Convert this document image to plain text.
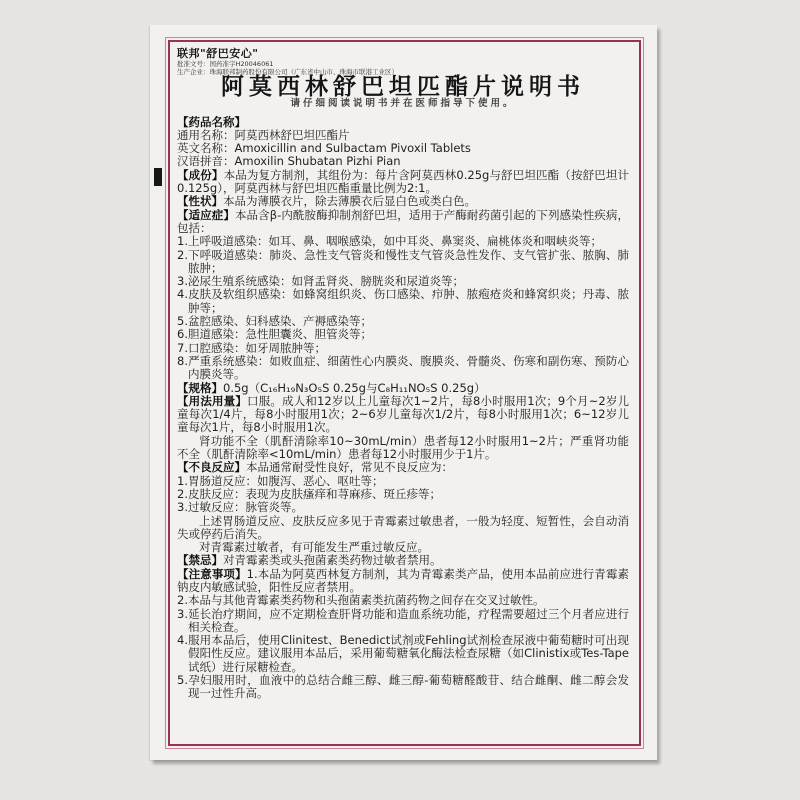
联邦"舒巴安心"
批准文号：国药准字H20046061
生产企业：珠海联邦制药股份有限公司（广东省中山市、珠海市联港工业区）
阿莫西林舒巴坦匹酯片说明书
请仔细阅读说明书并在医师指导下使用。
【药品名称】
通用名称：阿莫西林舒巴坦匹酯片
英文名称：Amoxicillin and Sulbactam Pivoxil Tablets
汉语拼音：Amoxilin Shubatan Pizhi Pian
【成份】本品为复方制剂，其组份为：每片含阿莫西林0.25g与舒巴坦匹酯（按舒巴坦计0.125g），阿莫西林与舒巴坦匹酯重量比例为2:1。
【性状】本品为薄膜衣片，除去薄膜衣后显白色或类白色。
【适应症】本品含β-内酰胺酶抑制剂舒巴坦，适用于产酶耐药菌引起的下列感染性疾病，包括：
1.上呼吸道感染：如耳、鼻、咽喉感染，如中耳炎、鼻窦炎、扁桃体炎和咽峡炎等；
2.下呼吸道感染：肺炎、急性支气管炎和慢性支气管炎急性发作、支气管扩张、脓胸、肺脓肿；
3.泌尿生殖系统感染：如肾盂肾炎、膀胱炎和尿道炎等；
4.皮肤及软组织感染：如蜂窝组织炎、伤口感染、疖肿、脓疱疮炎和蜂窝织炎；丹毒、脓肿等；
5.盆腔感染、妇科感染、产褥感染等；
6.胆道感染：急性胆囊炎、胆管炎等；
7.口腔感染：如牙周脓肿等；
8.严重系统感染：如败血症、细菌性心内膜炎、腹膜炎、骨髓炎、伤寒和副伤寒、预防心内膜炎等。
【规格】0.5g（C₁₆H₁₉N₃O₅S 0.25g与C₈H₁₁NO₅S 0.25g）
【用法用量】口服。成人和12岁以上儿童每次1~2片，每8小时服用1次；9个月~2岁儿童每次1/4片，每8小时服用1次；2~6岁儿童每次1/2片，每8小时服用1次；6~12岁儿童每次1片，每8小时服用1次。
肾功能不全（肌酐清除率10~30mL/min）患者每12小时服用1~2片；严重肾功能不全（肌酐清除率<10mL/min）患者每12小时服用少于1片。
【不良反应】本品通常耐受性良好，常见不良反应为：
1.胃肠道反应：如腹泻、恶心、呕吐等；
2.皮肤反应：表现为皮肤瘙痒和荨麻疹、斑丘疹等；
3.过敏反应：脉管炎等。
上述胃肠道反应、皮肤反应多见于青霉素过敏患者，一般为轻度、短暂性，会自动消失或停药后消失。
对青霉素过敏者，有可能发生严重过敏反应。
【禁忌】对青霉素类或头孢菌素类药物过敏者禁用。
【注意事项】1.本品为阿莫西林复方制剂，其为青霉素类产品，使用本品前应进行青霉素钠皮内敏感试验，阳性反应者禁用。
2.本品与其他青霉素类药物和头孢菌素类抗菌药物之间存在交叉过敏性。
3.延长治疗期间，应不定期检查肝肾功能和造血系统功能，疗程需要超过三个月者应进行相关检查。
4.服用本品后，使用Clinitest、Benedict试剂或Fehling试剂检查尿液中葡萄糖时可出现假阳性反应。建议服用本品后，采用葡萄糖氧化酶法检查尿糖（如Clinistix或Tes-Tape试纸）进行尿糖检查。
5.孕妇服用时，血液中的总结合雌三醇、雌三醇-葡萄糖醛酸苷、结合雌酮、雌二醇会发现一过性升高。
